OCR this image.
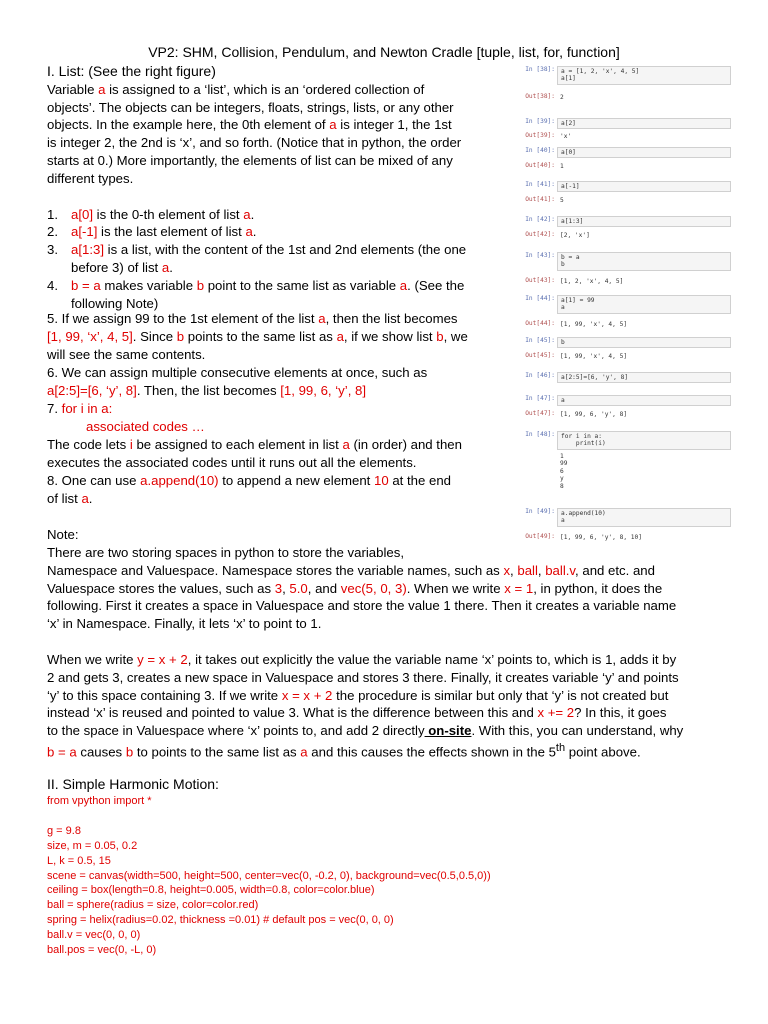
VP2: SHM, Collision, Pendulum, and Newton Cradle [tuple, list, for, function]
I. List: (See the right figure)
Variable a is assigned to a ‘list’, which is an ‘ordered collection of
objects’. The objects can be integers, floats, strings, lists, or any other
objects. In the example here, the 0th element of a is integer 1, the 1st
is integer 2, the 2nd is ‘x’, and so forth. (Notice that in python, the order
starts at 0.) More importantly, the elements of list can be mixed of any
different types.
1. a[0] is the 0-th element of list a.
2. a[-1] is the last element of list a.
3. a[1:3] is a list, with the content of the 1st and 2nd elements (the one
before 3) of list a.
4. b = a makes variable b point to the same list as variable a. (See the
following Note)
5. If we assign 99 to the 1st element of the list a, then the list becomes
[1, 99, ‘x’, 4, 5]. Since b points to the same list as a, if we show list b, we
will see the same contents.
6. We can assign multiple consecutive elements at once, such as
a[2:5]=[6, ‘y’, 8]. Then, the list becomes [1, 99, 6, ‘y’, 8]
7. for i in a:
associated codes …
The code lets i be assigned to each element in list a (in order) and then
executes the associated codes until it runs out all the elements.
8. One can use a.append(10) to append a new element 10 at the end
of list a.
Note:
There are two storing spaces in python to store the variables,
Namespace and Valuespace. Namespace stores the variable names, such as x, ball, ball.v, and etc. and
Valuespace stores the values, such as 3, 5.0, and vec(5, 0, 3). When we write x = 1, in python, it does the
following. First it creates a space in Valuespace and store the value 1 there. Then it creates a variable name
‘x’ in Namespace. Finally, it lets ‘x’ to point to 1.
When we write y = x + 2, it takes out explicitly the value the variable name ‘x’ points to, which is 1, adds it by
2 and gets 3, creates a new space in Valuespace and stores 3 there. Finally, it creates variable ‘y’ and points
‘y’ to this space containing 3. If we write x = x + 2 the procedure is similar but only that ‘y’ is not created but
instead ‘x’ is reused and pointed to value 3. What is the difference between this and x += 2? In this, it goes
to the space in Valuespace where ‘x’ points to, and add 2 directly on-site. With this, you can understand, why
b = a causes b to points to the same list as a and this causes the effects shown in the 5th point above.
II. Simple Harmonic Motion:
from vpython import *

g = 9.8
size, m = 0.05, 0.2
L, k = 0.5, 15
scene = canvas(width=500, height=500, center=vec(0, -0.2, 0), background=vec(0.5,0.5,0))
ceiling = box(length=0.8, height=0.005, width=0.8, color=color.blue)
ball = sphere(radius = size, color=color.red)
spring = helix(radius=0.02, thickness =0.01) # default pos = vec(0, 0, 0)
ball.v = vec(0, 0, 0)
ball.pos = vec(0, -L, 0)
In [38]: a = [1, 2, 'x', 4, 5]
a[1]
Out[38]: 2
In [39]: a[2]
Out[39]: 'x'
In [40]: a[0]
Out[40]: 1
In [41]: a[-1]
Out[41]: 5
In [42]: a[1:3]
Out[42]: [2, 'x']
In [43]: b = a
b
Out[43]: [1, 2, 'x', 4, 5]
In [44]: a[1] = 99
a
Out[44]: [1, 99, 'x', 4, 5]
In [45]: b
Out[45]: [1, 99, 'x', 4, 5]
In [46]: a[2:5]=[6, 'y', 8]
In [47]: a
Out[47]: [1, 99, 6, 'y', 8]
In [48]: for i in a:
print(i)
1
99
6
y
8
In [49]: a.append(10)
a
Out[49]: [1, 99, 6, 'y', 8, 10]
